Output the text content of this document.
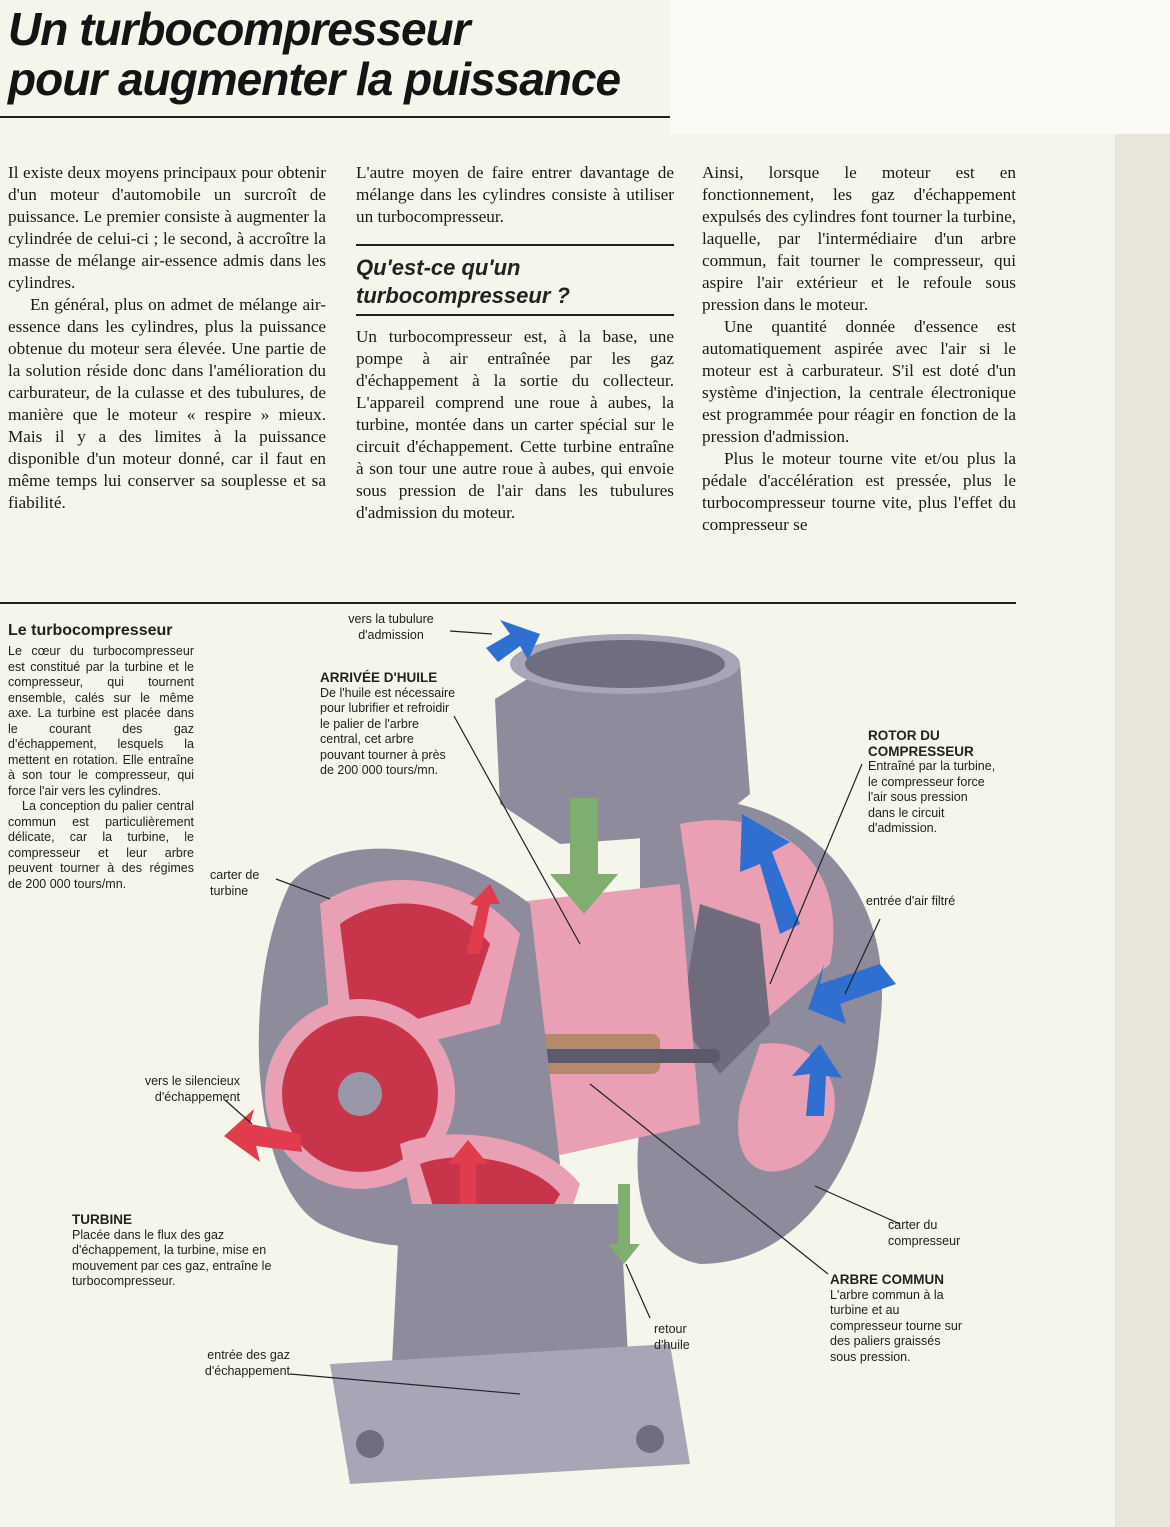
Un turbocompresseur
pour augmenter la puissance

Il existe deux moyens principaux pour obtenir d'un moteur d'automobile un surcroît de puissance. Le premier consiste à augmenter la cylindrée de celui-ci ; le second, à accroître la masse de mélange air-essence admis dans les cylindres.

En général, plus on admet de mélange air-essence dans les cylindres, plus la puissance obtenue du moteur sera élevée. Une partie de la solution réside donc dans l'amélioration du carburateur, de la culasse et des tubulures, de manière que le moteur « respire » mieux. Mais il y a des limites à la puissance disponible d'un moteur donné, car il faut en même temps lui conserver sa souplesse et sa fiabilité.

L'autre moyen de faire entrer davantage de mélange dans les cylindres consiste à utiliser un turbocompresseur.

Qu'est-ce qu'un
turbocompresseur ?

Un turbocompresseur est, à la base, une pompe à air entraînée par les gaz d'échappement à la sortie du collecteur. L'appareil comprend une roue à aubes, la turbine, montée dans un carter spécial sur le circuit d'échappement. Cette turbine entraîne à son tour une autre roue à aubes, qui envoie sous pression de l'air dans les tubulures d'admission du moteur.

Ainsi, lorsque le moteur est en fonctionnement, les gaz d'échappement expulsés des cylindres font tourner la turbine, laquelle, par l'intermédiaire d'un arbre commun, fait tourner le compresseur, qui aspire l'air extérieur et le refoule sous pression dans le moteur.

Une quantité donnée d'essence est automatiquement aspirée avec l'air si le moteur est à carburateur. S'il est doté d'un système d'injection, la centrale électronique est programmée pour réagir en fonction de la pression d'admission.

Plus le moteur tourne vite et/ou plus la pédale d'accélération est pressée, plus le turbocompresseur tourne vite, plus l'effet du compresseur se

Le turbocompresseur
Le cœur du turbocompresseur est constitué par la turbine et le compresseur, qui tournent ensemble, calés sur le même axe. La turbine est placée dans le courant des gaz d'échappement, lesquels la mettent en rotation. Elle entraîne à son tour le compresseur, qui force l'air vers les cylindres.
La conception du palier central commun est particulièrement délicate, car la turbine, le compresseur et leur arbre peuvent tourner à des régimes de 200 000 tours/mn.
vers la tubulure d'admission
ARRIVÉE D'HUILE
De l'huile est nécessaire pour lubrifier et refroidir le palier de l'arbre central, cet arbre pouvant tourner à près de 200 000 tours/mn.
ROTOR DU COMPRESSEUR
Entraîné par la turbine, le compresseur force l'air sous pression dans le circuit d'admission.
carter de turbine
entrée d'air filtré
vers le silencieux d'échappement
TURBINE
Placée dans le flux des gaz d'échappement, la turbine, mise en mouvement par ces gaz, entraîne le turbocompresseur.
carter du compresseur
ARBRE COMMUN
L'arbre commun à la turbine et au compresseur tourne sur des paliers graissés sous pression.
retour d'huile
entrée des gaz d'échappement
